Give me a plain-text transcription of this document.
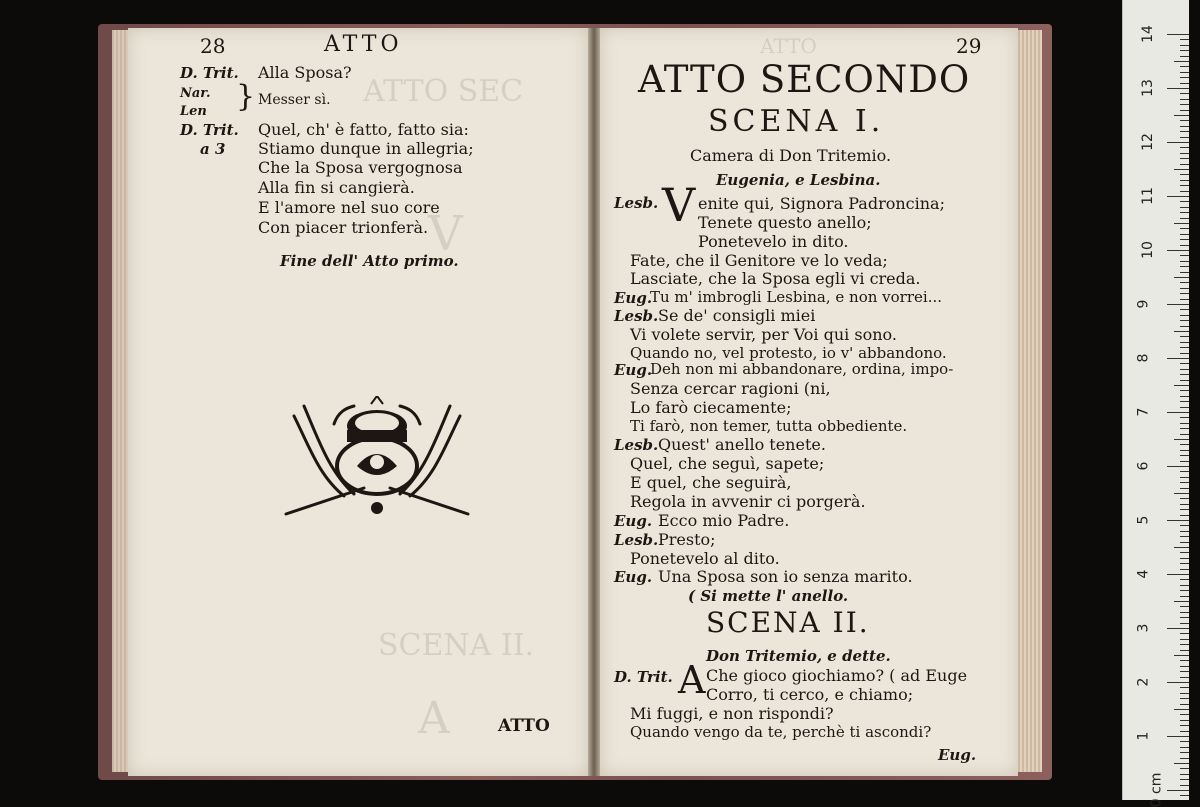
ATTO SEC
V
SCENA II.
A
28	ATTO
D. Trit. Alla Sposa?
Nar.
Len } Messer sì.
D. Trit. Quel, ch' è fatto, fatto sia:
a 3 Stiamo dunque in allegria;
Che la Sposa vergognosa
Alla fin si cangierà.
E l'amore nel suo core
Con piacer trionferà.
Fine dell' Atto primo.
ATTO
ATTO	29
ATTO SECONDO
SCENA I.
Camera di Don Tritemio.
Eugenia, e Lesbina.
Lesb. V enite qui, Signora Padroncina;
Tenete questo anello;
Ponetevelo in dito.
Fate, che il Genitore ve lo veda;
Lasciate, che la Sposa egli vi creda.
Eug.
Tu m' imbrogli Lesbina, e non vorrei...
Lesb. Se de' consigli miei
Vi volete servir, per Voi qui sono.
Quando no, vel protesto, io v' abbandono.
Eug.
Deh non mi abbandonare, ordina, impo-
Senza cercar ragioni (ni,
Lo farò ciecamente;
Ti farò, non temer, tutta obbediente.
Lesb. Quest' anello tenete.
Quel, che seguì, sapete;
E quel, che seguirà,
Regola in avvenir ci porgerà.
Eug. Ecco mio Padre.
Lesb. Presto;
Ponetevelo al dito.
Eug. Una Sposa son io senza marito.
( Si mette l' anello.
SCENA II.
Don Tritemio, e dette.
D. Trit. A Che gioco giochiamo? ( ad Euge
Corro, ti cerco, e chiamo;
Mi fuggi, e non rispondi?
Quando vengo da te, perchè ti ascondi?
Eug.
14
13
12
11
10
9
8
7
6
5
4
3
2
1
0 cm
